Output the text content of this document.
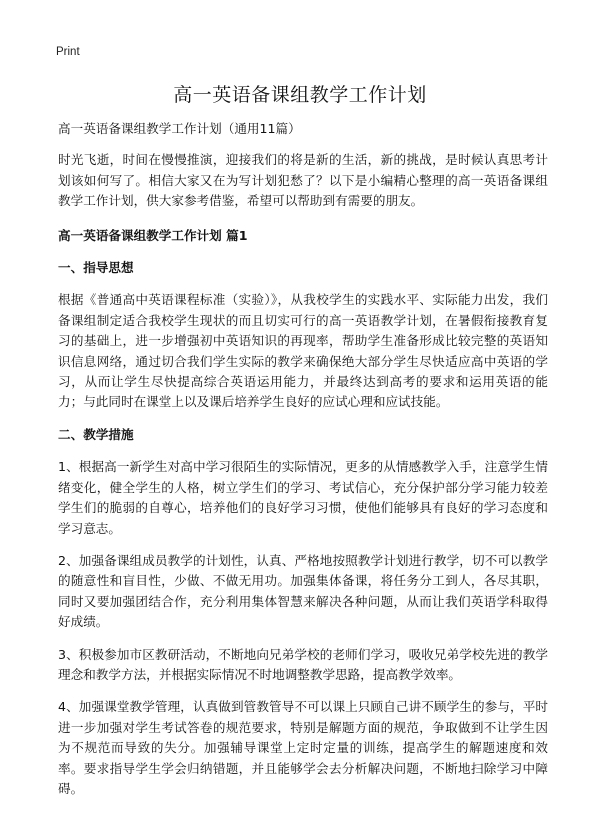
Print
高一英语备课组教学工作计划

高一英语备课组教学工作计划（通用11篇）

时光飞逝，时间在慢慢推演，迎接我们的将是新的生活，新的挑战，是时候认真思考计划该如何写了。相信大家又在为写计划犯愁了？以下是小编精心整理的高一英语备课组教学工作计划，供大家参考借鉴，希望可以帮助到有需要的朋友。

高一英语备课组教学工作计划 篇1

一、指导思想

根据《普通高中英语课程标准（实验）》，从我校学生的实践水平、实际能力出发，我们备课组制定适合我校学生现状的而且切实可行的高一英语教学计划，在暑假衔接教育复习的基础上，进一步增强初中英语知识的再现率，帮助学生准备形成比较完整的英语知识信息网络，通过切合我们学生实际的教学来确保绝大部分学生尽快适应高中英语的学习，从而让学生尽快提高综合英语运用能力，并最终达到高考的要求和运用英语的能力；与此同时在课堂上以及课后培养学生良好的应试心理和应试技能。

二、教学措施

1、根据高一新学生对高中学习很陌生的实际情况，更多的从情感教学入手，注意学生情绪变化，健全学生的人格，树立学生们的学习、考试信心，充分保护部分学习能力较差学生们的脆弱的自尊心，培养他们的良好学习习惯，使他们能够具有良好的学习态度和学习意志。

2、加强备课组成员教学的计划性，认真、严格地按照教学计划进行教学，切不可以教学的随意性和盲目性，少做、不做无用功。加强集体备课，将任务分工到人，各尽其职，同时又要加强团结合作，充分利用集体智慧来解决各种问题，从而让我们英语学科取得好成绩。

3、积极参加市区教研活动，不断地向兄弟学校的老师们学习，吸收兄弟学校先进的教学理念和教学方法，并根据实际情况不时地调整教学思路，提高教学效率。

4、加强课堂教学管理，认真做到管教管导不可以课上只顾自己讲不顾学生的参与，平时进一步加强对学生考试答卷的规范要求，特别是解题方面的规范，争取做到不让学生因为不规范而导致的失分。加强辅导课堂上定时定量的训练，提高学生的解题速度和效率。要求指导学生学会归纳错题，并且能够学会去分析解决问题，不断地扫除学习中障碍。
